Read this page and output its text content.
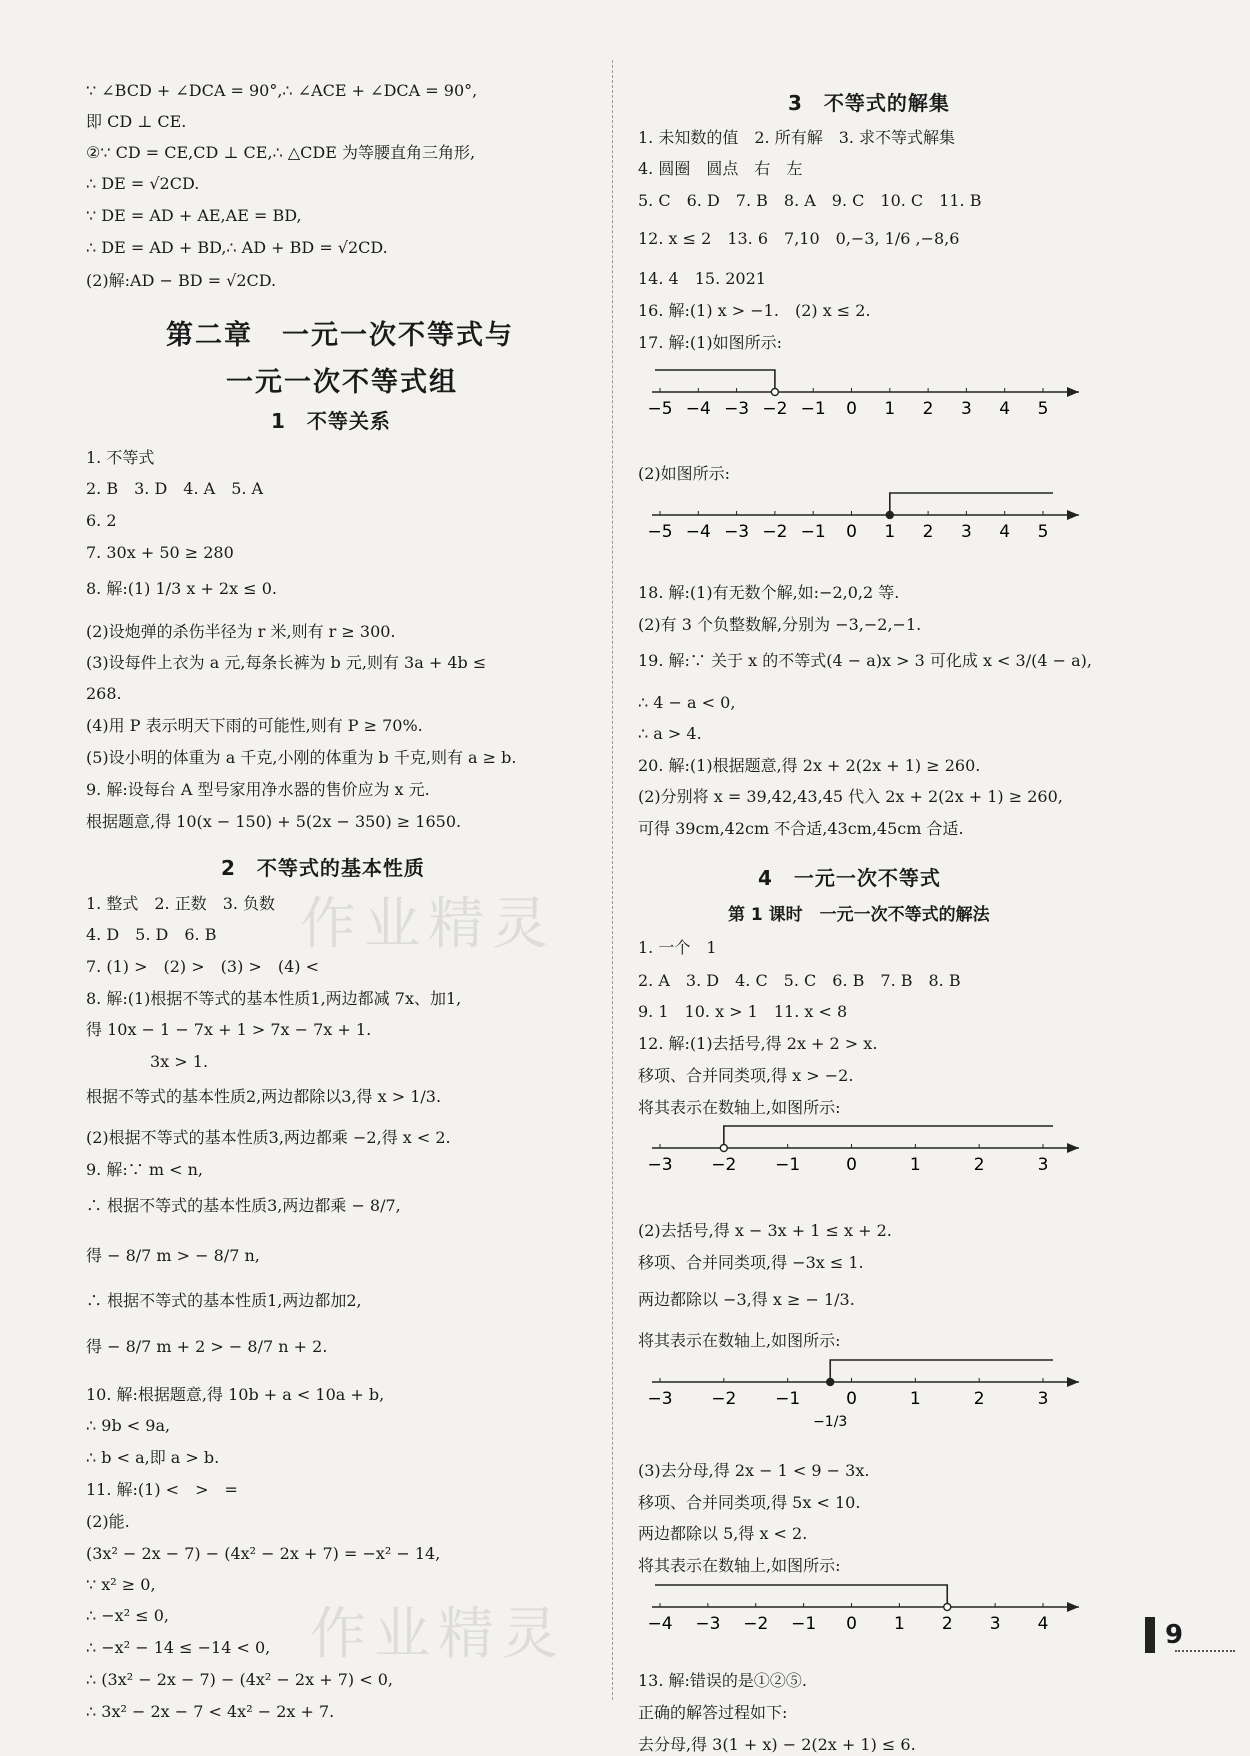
∵ ∠BCD + ∠DCA = 90°,∴ ∠ACE + ∠DCA = 90°,
即 CD ⊥ CE.
②∵ CD = CE,CD ⊥ CE,∴ △CDE 为等腰直角三角形,
∴ DE = √2CD.
∵ DE = AD + AE,AE = BD,
∴ DE = AD + BD,∴ AD + BD = √2CD.
(2)解:AD − BD = √2CD.
第二章　一元一次不等式与
一元一次不等式组
1　不等关系
1. 不等式
2. B　3. D　4. A　5. A
6. 2
7. 30x + 50 ≥ 280
8. 解:(1) 1/3 x + 2x ≤ 0.
(2)设炮弹的杀伤半径为 r 米,则有 r ≥ 300.
(3)设每件上衣为 a 元,每条长裤为 b 元,则有 3a + 4b ≤
268.
(4)用 P 表示明天下雨的可能性,则有 P ≥ 70%.
(5)设小明的体重为 a 千克,小刚的体重为 b 千克,则有 a ≥ b.
9. 解:设每台 A 型号家用净水器的售价应为 x 元.
根据题意,得 10(x − 150) + 5(2x − 350) ≥ 1650.
2　不等式的基本性质
1. 整式　2. 正数　3. 负数
4. D　5. D　6. B
7. (1) >　(2) >　(3) >　(4) <
8. 解:(1)根据不等式的基本性质1,两边都减 7x、加1,
得 10x − 1 − 7x + 1 > 7x − 7x + 1.
　　　　3x > 1.
根据不等式的基本性质2,两边都除以3,得 x > 1/3.
(2)根据不等式的基本性质3,两边都乘 −2,得 x < 2.
9. 解:∵ m < n,
∴ 根据不等式的基本性质3,两边都乘 − 8/7,
得 − 8/7 m > − 8/7 n,
∴ 根据不等式的基本性质1,两边都加2,
得 − 8/7 m + 2 > − 8/7 n + 2.
10. 解:根据题意,得 10b + a < 10a + b,
∴ 9b < 9a,
∴ b < a,即 a > b.
11. 解:(1) <　>　=
(2)能.
(3x² − 2x − 7) − (4x² − 2x + 7) = −x² − 14,
∵ x² ≥ 0,
∴ −x² ≤ 0,
∴ −x² − 14 ≤ −14 < 0,
∴ (3x² − 2x − 7) − (4x² − 2x + 7) < 0,
∴ 3x² − 2x − 7 < 4x² − 2x + 7.
3　不等式的解集
1. 未知数的值　2. 所有解　3. 求不等式解集
4. 圆圈　圆点　右　左
5. C　6. D　7. B　8. A　9. C　10. C　11. B
12. x ≤ 2　13. 6　7,10　0,−3, 1/6 ,−8,6
14. 4　15. 2021
16. 解:(1) x > −1.　(2) x ≤ 2.
17. 解:(1)如图所示:
−5 −4 −3 −2 −1 0 1 2 3 4 5
(2)如图所示:
−5 −4 −3 −2 −1 0 1 2 3 4 5
18. 解:(1)有无数个解,如:−2,0,2 等.
(2)有 3 个负整数解,分别为 −3,−2,−1.
19. 解:∵ 关于 x 的不等式(4 − a)x > 3 可化成 x < 3/(4 − a),
∴ 4 − a < 0,
∴ a > 4.
20. 解:(1)根据题意,得 2x + 2(2x + 1) ≥ 260.
(2)分别将 x = 39,42,43,45 代入 2x + 2(2x + 1) ≥ 260,
可得 39cm,42cm 不合适,43cm,45cm 合适.
4　一元一次不等式
第 1 课时　一元一次不等式的解法
1. 一个　1
2. A　3. D　4. C　5. C　6. B　7. B　8. B
9. 1　10. x > 1　11. x < 8
12. 解:(1)去括号,得 2x + 2 > x.
移项、合并同类项,得 x > −2.
将其表示在数轴上,如图所示:
−3 −2 −1	0	1	2	3
(2)去括号,得 x − 3x + 1 ≤ x + 2.
移项、合并同类项,得 −3x ≤ 1.
两边都除以 −3,得 x ≥ − 1/3.
将其表示在数轴上,如图所示:
−3 −2 −1	0	1	2	3
−1/3
(3)去分母,得 2x − 1 < 9 − 3x.
移项、合并同类项,得 5x < 10.
两边都除以 5,得 x < 2.
将其表示在数轴上,如图所示:
−4 −3 −2 −1 0 1 2 3 4
13. 解:错误的是①②⑤.
正确的解答过程如下:
去分母,得 3(1 + x) − 2(2x + 1) ≤ 6.
作业精灵
作业精灵	9
